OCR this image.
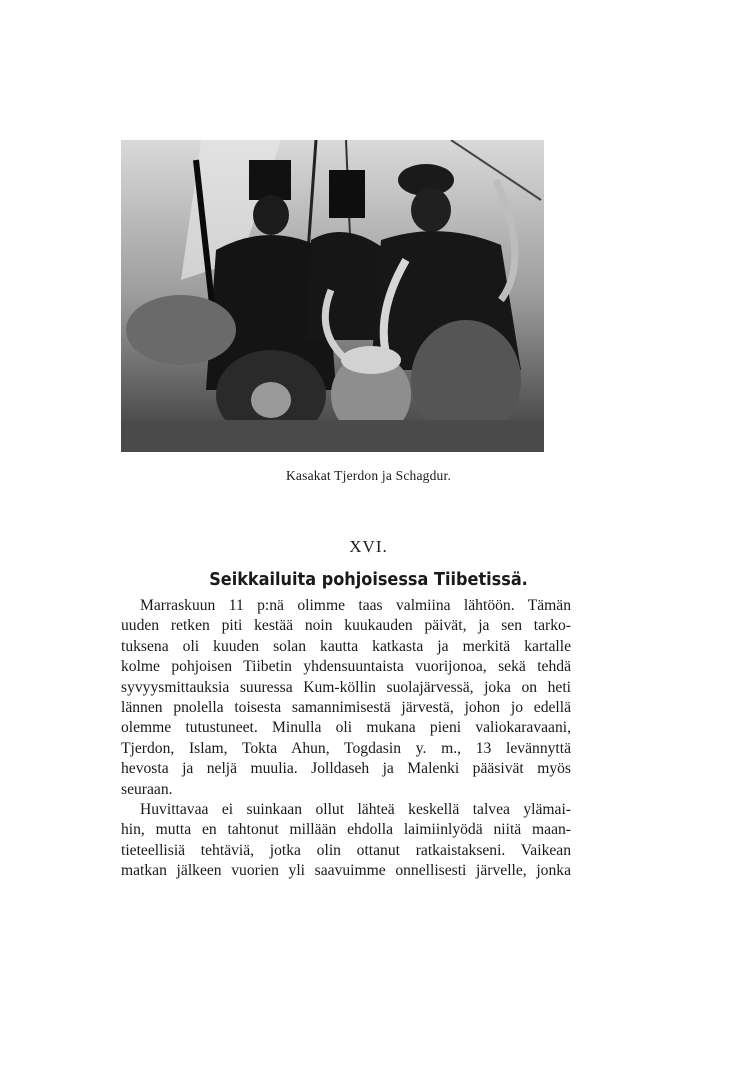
Kasakat Tjerdon ja Schagdur.
XVI.
Seikkailuita pohjoisessa Tiibetissä.
Marraskuun 11 p:nä olimme taas valmiina lähtöön. Tämän
uuden retken piti kestää noin kuukauden päivät, ja sen tarko-
tuksena oli kuuden solan kautta katkasta ja merkitä kartalle
kolme pohjoisen Tiibetin yhdensuuntaista vuorijonoa, sekä tehdä
syvyysmittauksia suuressa Kum-köllin suolajärvessä, joka on heti
lännen pnolella toisesta samannimisestä järvestä, johon jo edellä
olemme tutustuneet. Minulla oli mukana pieni valiokaravaani,
Tjerdon, Islam, Tokta Ahun, Togdasin y. m., 13 levännyttä
hevosta ja neljä muulia. Jolldaseh ja Malenki pääsivät myös
seuraan.
Huvittavaa ei suinkaan ollut lähteä keskellä talvea ylämai-
hin, mutta en tahtonut millään ehdolla laimiinlyödä niitä maan-
tieteellisiä tehtäviä, jotka olin ottanut ratkaistakseni. Vaikean
matkan jälkeen vuorien yli saavuimme onnellisesti järvelle, jonka
